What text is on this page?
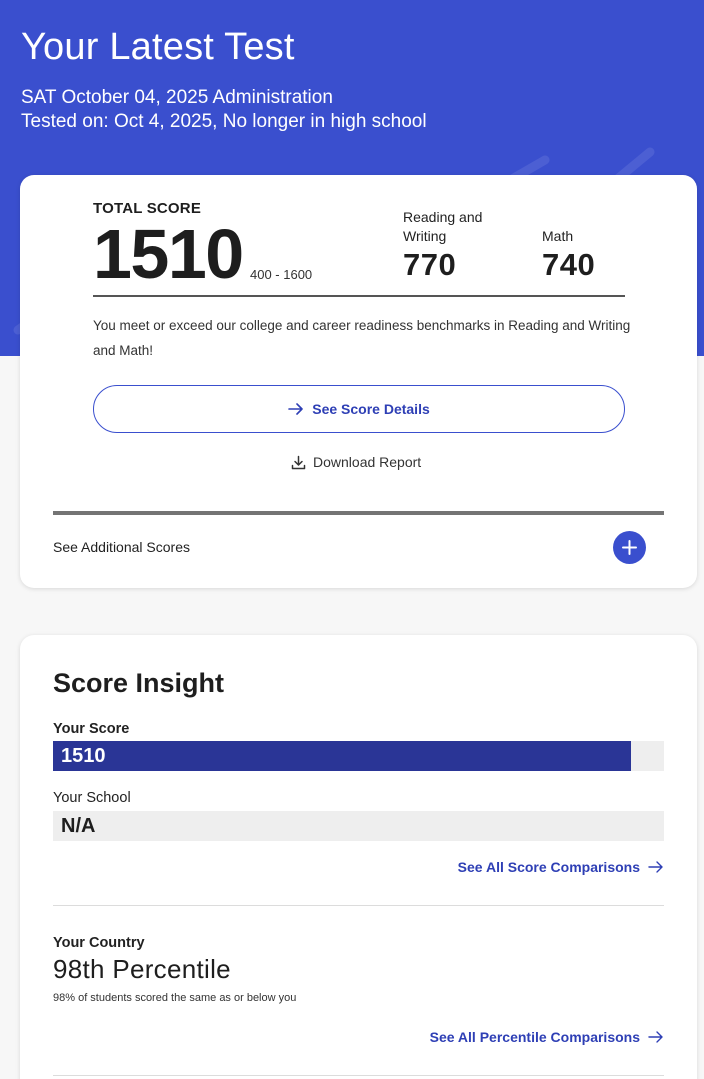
Your Latest Test
SAT October 04, 2025 Administration
Tested on: Oct 4, 2025, No longer in high school
TOTAL SCORE
1510 400 - 1600
Reading and Writing
770
Math
740
You meet or exceed our college and career readiness benchmarks in Reading and Writing and Math!
See Score Details
Download Report
See Additional Scores
Score Insight
Your Score
1510
Your School
N/A
See All Score Comparisons
Your Country
98th Percentile
98% of students scored the same as or below you
See All Percentile Comparisons
